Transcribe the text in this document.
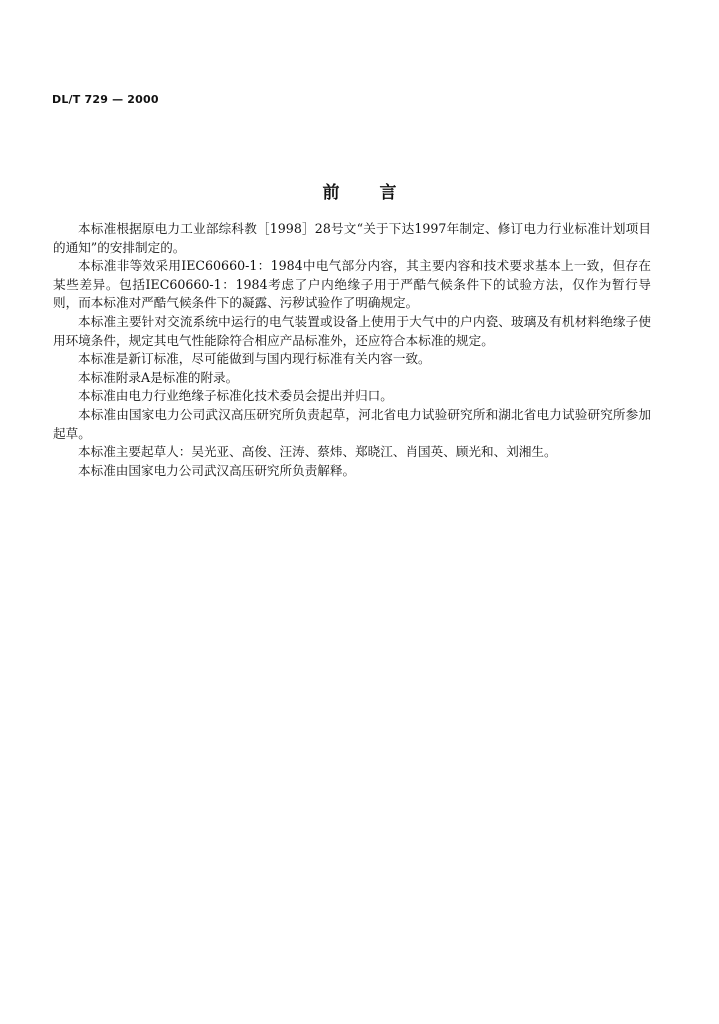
DL/T 729 — 2000
前言

本标准根据原电力工业部综科教［1998］28号文“关于下达1997年制定、修订电力行业标准计划项目的通知”的安排制定的。

本标准非等效采用IEC60660-1：1984中电气部分内容，其主要内容和技术要求基本上一致，但存在某些差异。包括IEC60660-1：1984考虑了户内绝缘子用于严酷气候条件下的试验方法，仅作为暂行导则，而本标准对严酷气候条件下的凝露、污秽试验作了明确规定。

本标准主要针对交流系统中运行的电气装置或设备上使用于大气中的户内瓷、玻璃及有机材料绝缘子使用环境条件，规定其电气性能除符合相应产品标准外，还应符合本标准的规定。

本标准是新订标准，尽可能做到与国内现行标准有关内容一致。

本标准附录A是标准的附录。

本标准由电力行业绝缘子标准化技术委员会提出并归口。

本标准由国家电力公司武汉高压研究所负责起草，河北省电力试验研究所和湖北省电力试验研究所参加起草。

本标准主要起草人：吴光亚、高俊、汪涛、蔡炜、郑晓江、肖国英、顾光和、刘湘生。

本标准由国家电力公司武汉高压研究所负责解释。
